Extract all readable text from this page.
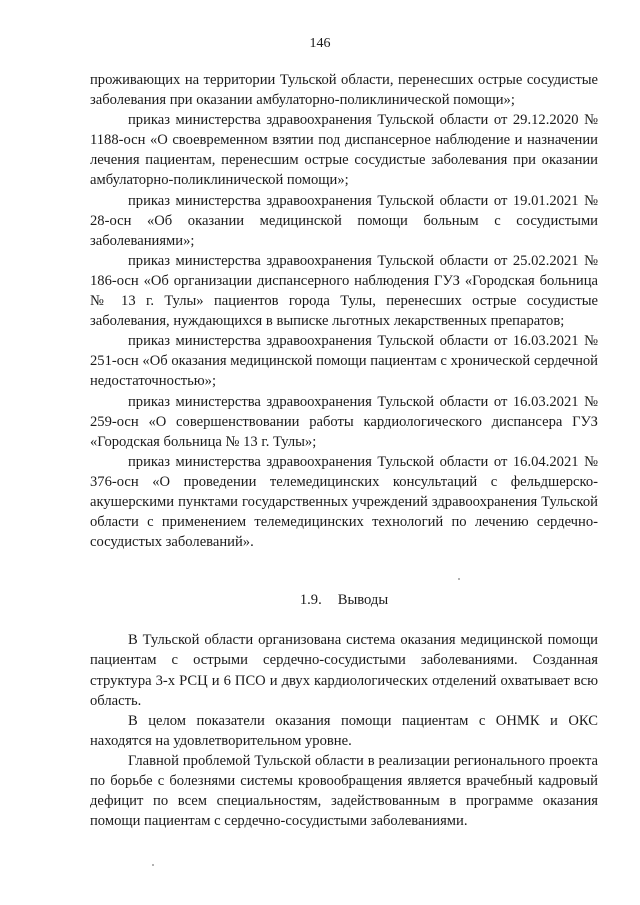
146

проживающих на территории Тульской области, перенесших острые сосудистые заболевания при оказании амбулаторно-поликлинической помощи»;

приказ министерства здравоохранения Тульской области от 29.12.2020 № 1188-осн «О своевременном взятии под диспансерное наблюдение и назначении лечения пациентам, перенесшим острые сосудистые заболевания при оказании амбулаторно-поликлинической помощи»;

приказ министерства здравоохранения Тульской области от 19.01.2021 № 28-осн «Об оказании медицинской помощи больным с сосудистыми заболеваниями»;

приказ министерства здравоохранения Тульской области от 25.02.2021 № 186-осн «Об организации диспансерного наблюдения ГУЗ «Городская больница № 13 г. Тулы» пациентов города Тулы, перенесших острые сосудистые заболевания, нуждающихся в выписке льготных лекарственных препаратов;

приказ министерства здравоохранения Тульской области от 16.03.2021 № 251-осн «Об оказания медицинской помощи пациентам с хронической сердечной недостаточностью»;

приказ министерства здравоохранения Тульской области от 16.03.2021 № 259-осн «О совершенствовании работы кардиологического диспансера ГУЗ «Городская больница № 13 г. Тулы»;

приказ министерства здравоохранения Тульской области от 16.04.2021 № 376-осн «О проведении телемедицинских консультаций с фельдшерско-акушерскими пунктами государственных учреждений здравоохранения Тульской области с применением телемедицинских технологий по лечению сердечно-сосудистых заболеваний».

1.9. Выводы

В Тульской области организована система оказания медицинской помощи пациентам с острыми сердечно-сосудистыми заболеваниями. Созданная структура 3-х РСЦ и 6 ПСО и двух кардиологических отделений охватывает всю область.

В целом показатели оказания помощи пациентам с ОНМК и ОКС находятся на удовлетворительном уровне.

Главной проблемой Тульской области в реализации регионального проекта по борьбе с болезнями системы кровообращения является врачебный кадровый дефицит по всем специальностям, задействованным в программе оказания помощи пациентам с сердечно-сосудистыми заболеваниями.
